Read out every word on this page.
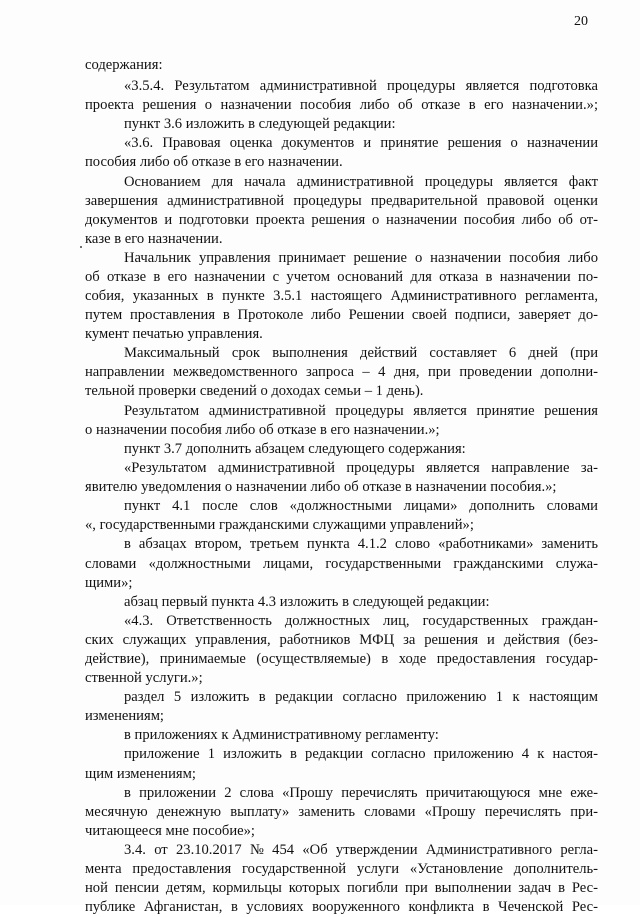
20
содержания:
«3.5.4. Результатом административной процедуры является подготовка
проекта решения о назначении пособия либо об отказе в его назначении.»;
пункт 3.6 изложить в следующей редакции:
«3.6. Правовая оценка документов и принятие решения о назначении
пособия либо об отказе в его назначении.
Основанием для начала административной процедуры является факт
завершения административной процедуры предварительной правовой оценки
документов и подготовки проекта решения о назначении пособия либо об от-
казе в его назначении.
Начальник управления принимает решение о назначении пособия либо
об отказе в его назначении с учетом оснований для отказа в назначении по-
собия, указанных в пункте 3.5.1 настоящего Административного регламента,
путем проставления в Протоколе либо Решении своей подписи, заверяет до-
кумент печатью управления.
Максимальный срок выполнения действий составляет 6 дней (при
направлении межведомственного запроса – 4 дня, при проведении дополни-
тельной проверки сведений о доходах семьи – 1 день).
Результатом административной процедуры является принятие решения
о назначении пособия либо об отказе в его назначении.»;
пункт 3.7 дополнить абзацем следующего содержания:
«Результатом административной процедуры является направление за-
явителю уведомления о назначении либо об отказе в назначении пособия.»;
пункт 4.1 после слов «должностными лицами» дополнить словами
«, государственными гражданскими служащими управлений»;
в абзацах втором, третьем пункта 4.1.2 слово «работниками» заменить
словами «должностными лицами, государственными гражданскими служа-
щими»;
абзац первый пункта 4.3 изложить в следующей редакции:
«4.3. Ответственность должностных лиц, государственных граждан-
ских служащих управления, работников МФЦ за решения и действия (без-
действие), принимаемые (осуществляемые) в ходе предоставления государ-
ственной услуги.»;
раздел 5 изложить в редакции согласно приложению 1 к настоящим
изменениям;
в приложениях к Административному регламенту:
приложение 1 изложить в редакции согласно приложению 4 к настоя-
щим изменениям;
в приложении 2 слова «Прошу перечислять причитающуюся мне еже-
месячную денежную выплату» заменить словами «Прошу перечислять при-
читающееся мне пособие»;
3.4. от 23.10.2017 № 454 «Об утверждении Административного регла-
мента предоставления государственной услуги «Установление дополнитель-
ной пенсии детям, кормильцы которых погибли при выполнении задач в Рес-
публике Афганистан, в условиях вооруженного конфликта в Чеченской Рес-
